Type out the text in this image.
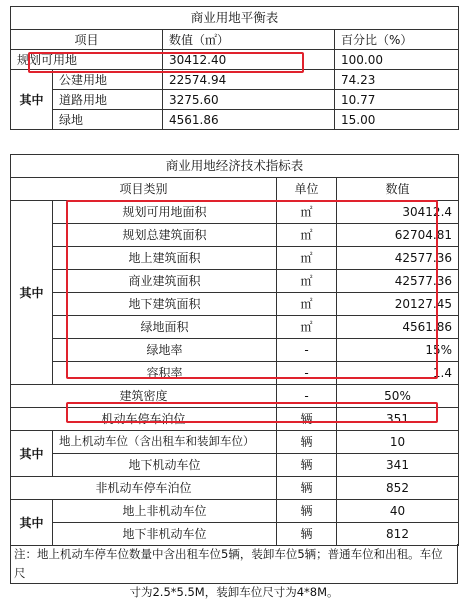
商业用地平衡表			
项目		数值（㎡）	百分比（%）
规划可用地		30412.40	100.00
其中	公建用地	22574.94	74.23
	道路用地	3275.60	10.77
	绿地	4561.86	15.00
商业用地经济技术指标表			
项目类别		单位	数值
其中	规划可用地面积	㎡	30412.4
	规划总建筑面积	㎡	62704.81
	地上建筑面积	㎡	42577.36
	商业建筑面积	㎡	42577.36
	地下建筑面积	㎡	20127.45
	绿地面积	㎡	4561.86
	绿地率	-	15%
	容积率	-	1.4
建筑密度		-	50%
机动车停车泊位		辆	351
其中	地上机动车位（含出租车和装卸车位）	辆	10
	地下机动车位	辆	341
非机动车停车泊位		辆	852
其中	地上非机动车位	辆	40
	地下非机动车位	辆	812
注：地上机动车停车位数量中含出租车位5辆，装卸车位5辆；普通车位和出租。车位尺
寸为2.5*5.5M，装卸车位尺寸为4*8M。
